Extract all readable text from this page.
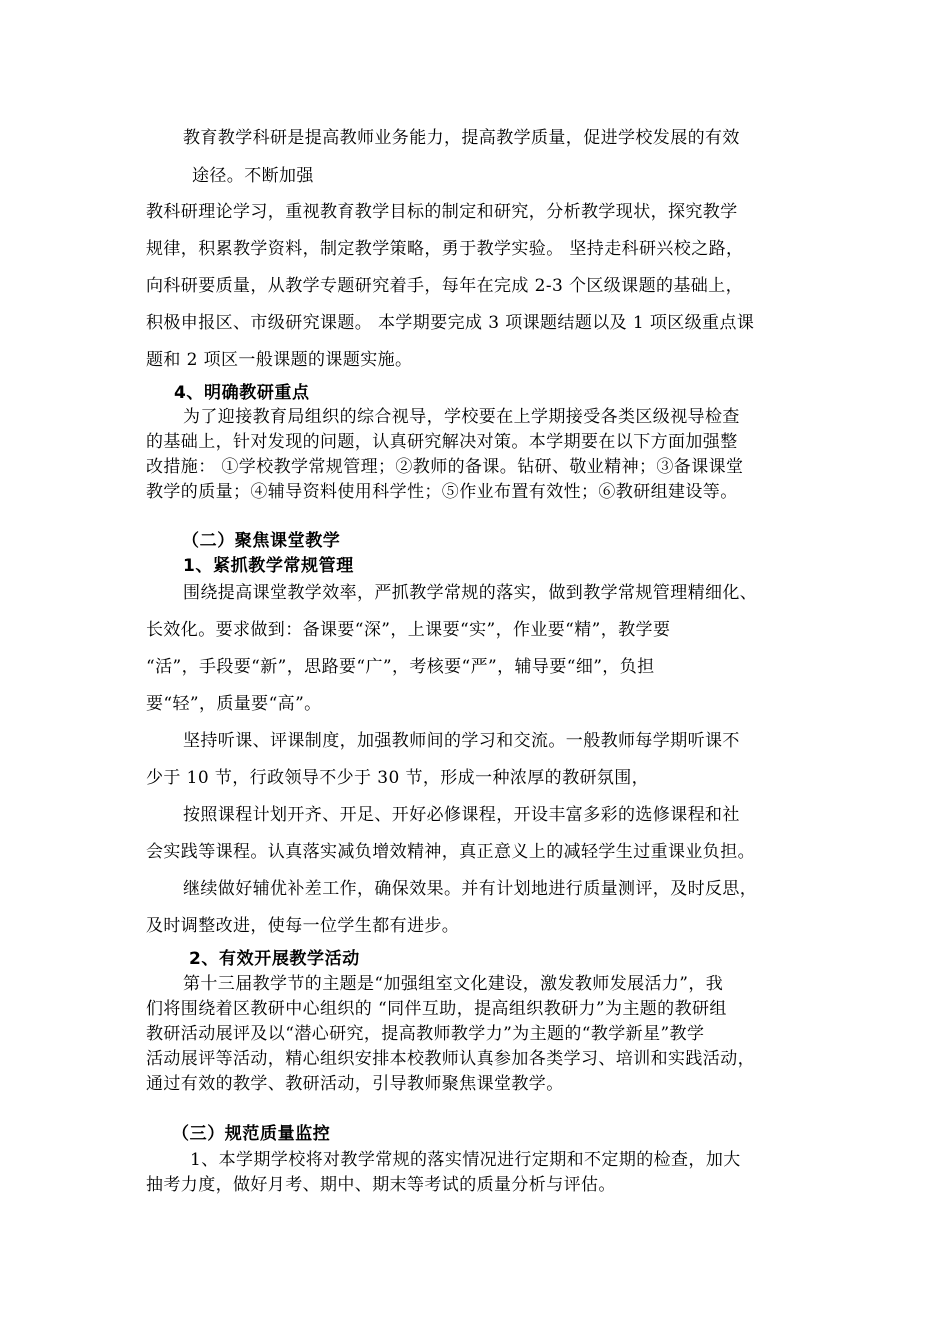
教育教学科研是提高教师业务能力，提高教学质量，促进学校发展的有效
途径。不断加强
教科研理论学习，重视教育教学目标的制定和研究，分析教学现状，探究教学
规律，积累教学资料，制定教学策略，勇于教学实验。 坚持走科研兴校之路，
向科研要质量，从教学专题研究着手，每年在完成 2-3 个区级课题的基础上，
积极申报区、市级研究课题。 本学期要完成 3 项课题结题以及 1 项区级重点课
题和 2 项区一般课题的课题实施。
4、明确教研重点
为了迎接教育局组织的综合视导，学校要在上学期接受各类区级视导检查
的基础上，针对发现的问题，认真研究解决对策。本学期要在以下方面加强整
改措施： ①学校教学常规管理；②教师的备课。钻研、敬业精神；③备课课堂
教学的质量；④辅导资料使用科学性；⑤作业布置有效性；⑥教研组建设等。
（二）聚焦课堂教学
1、紧抓教学常规管理
围绕提高课堂教学效率，严抓教学常规的落实，做到教学常规管理精细化、
长效化。要求做到：备课要“深”，上课要“实”，作业要“精”，教学要
“活”，手段要“新”，思路要“广”，考核要“严”，辅导要“细”，负担
要“轻”，质量要“高”。
坚持听课、评课制度，加强教师间的学习和交流。一般教师每学期听课不
少于 10 节，行政领导不少于 30 节，形成一种浓厚的教研氛围，
按照课程计划开齐、开足、开好必修课程，开设丰富多彩的选修课程和社
会实践等课程。认真落实减负增效精神，真正意义上的减轻学生过重课业负担。
继续做好辅优补差工作，确保效果。并有计划地进行质量测评，及时反思，
及时调整改进，使每一位学生都有进步。
2、有效开展教学活动
第十三届教学节的主题是“加强组室文化建设，激发教师发展活力”，我
们将围绕着区教研中心组织的 “同伴互助，提高组织教研力”为主题的教研组
教研活动展评及以“潜心研究，提高教师教学力”为主题的“教学新星”教学
活动展评等活动，精心组织安排本校教师认真参加各类学习、培训和实践活动，
通过有效的教学、教研活动，引导教师聚焦课堂教学。
（三）规范质量监控
1、本学期学校将对教学常规的落实情况进行定期和不定期的检查，加大
抽考力度，做好月考、期中、期末等考试的质量分析与评估。
